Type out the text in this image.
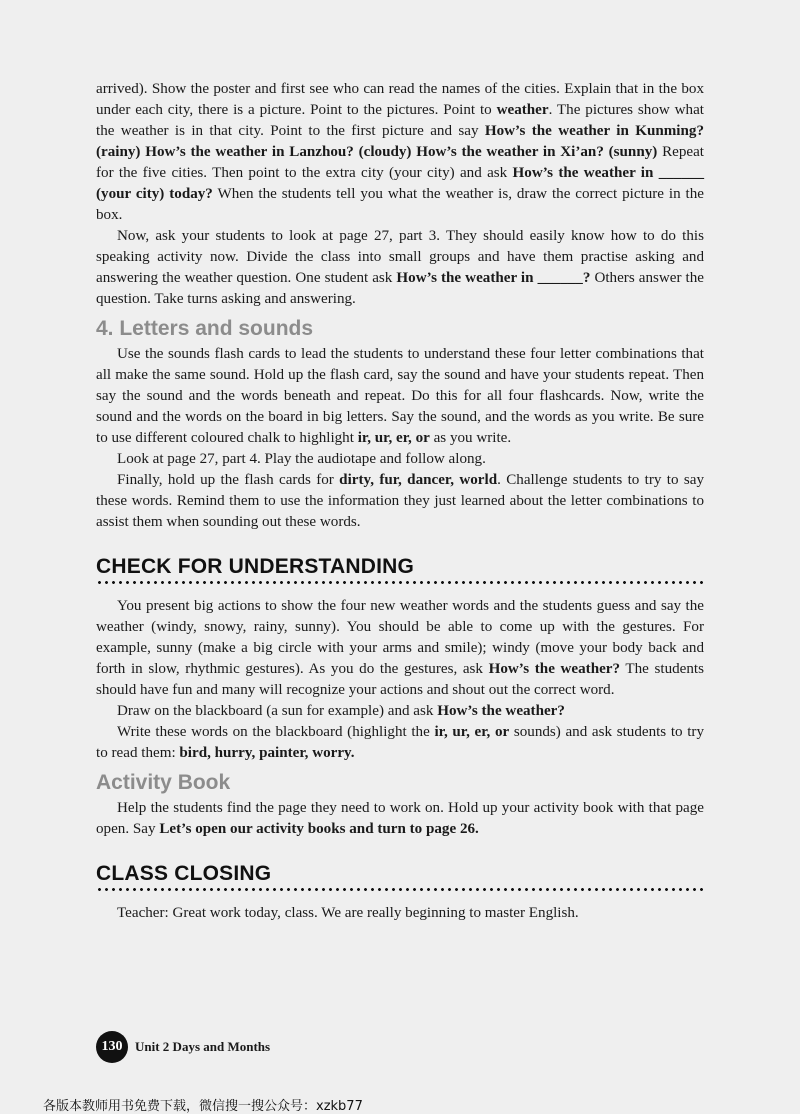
arrived). Show the poster and first see who can read the names of the cities. Explain that in the box under each city, there is a picture. Point to the pictures. Point to weather. The pictures show what the weather is in that city. Point to the first picture and say How’s the weather in Kunming? (rainy) How’s the weather in Lanzhou? (cloudy) How’s the weather in Xi’an? (sunny) Repeat for the five cities. Then point to the extra city (your city) and ask How’s the weather in ______ (your city) today? When the students tell you what the weather is, draw the correct picture in the box.

Now, ask your students to look at page 27, part 3. They should easily know how to do this speaking activity now. Divide the class into small groups and have them practise asking and answering the weather question. One student ask How’s the weather in ______? Others answer the question. Take turns asking and answering.

4. Letters and sounds

Use the sounds flash cards to lead the students to understand these four letter combinations that all make the same sound. Hold up the flash card, say the sound and have your students repeat. Then say the sound and the words beneath and repeat. Do this for all four flashcards. Now, write the sound and the words on the board in big letters. Say the sound, and the words as you write. Be sure to use different coloured chalk to highlight ir, ur, er, or as you write.

Look at page 27, part 4. Play the audiotape and follow along.

Finally, hold up the flash cards for dirty, fur, dancer, world. Challenge students to try to say these words. Remind them to use the information they just learned about the letter combinations to assist them when sounding out these words.

CHECK FOR UNDERSTANDING

You present big actions to show the four new weather words and the students guess and say the weather (windy, snowy, rainy, sunny). You should be able to come up with the gestures. For example, sunny (make a big circle with your arms and smile); windy (move your body back and forth in slow, rhythmic gestures). As you do the gestures, ask How’s the weather? The students should have fun and many will recognize your actions and shout out the correct word.

Draw on the blackboard (a sun for example) and ask How’s the weather?

Write these words on the blackboard (highlight the ir, ur, er, or sounds) and ask students to try to read them: bird, hurry, painter, worry.

Activity Book

Help the students find the page they need to work on. Hold up your activity book with that page open. Say Let’s open our activity books and turn to page 26.

CLASS CLOSING

Teacher: Great work today, class. We are really beginning to master English.

130 Unit 2 Days and Months
各版本教师用书免费下载，微信搜一搜公众号：xzkb77
